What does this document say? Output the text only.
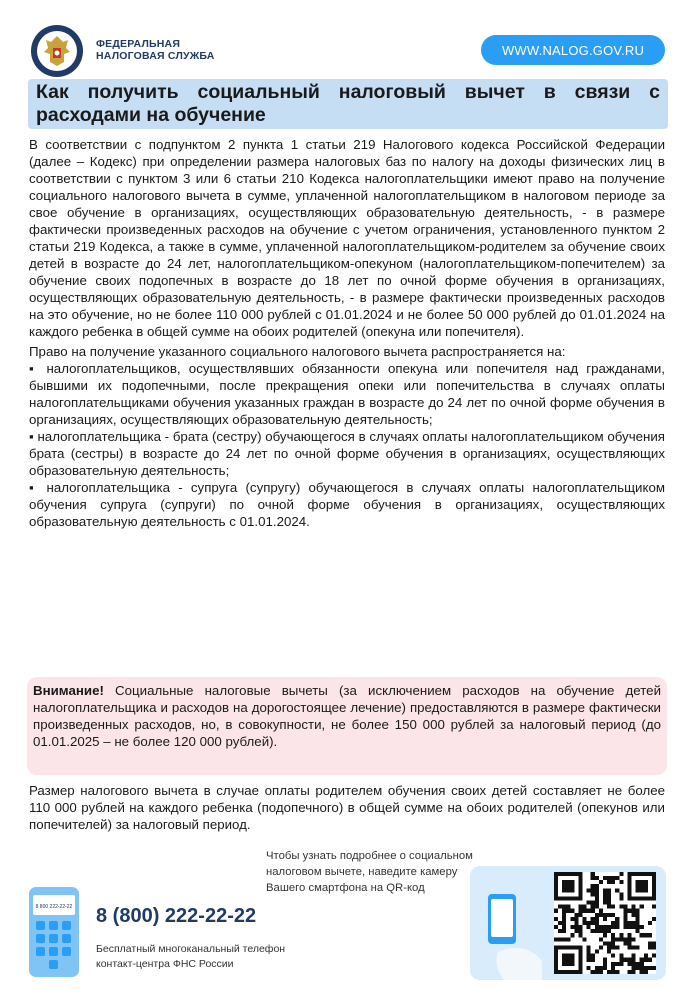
ФЕДЕРАЛЬНАЯ
НАЛОГОВАЯ СЛУЖБА	WWW.NALOG.GOV.RU
Как получить социальный налоговый вычет в связи с расходами на обучение

В соответствии с подпунктом 2 пункта 1 статьи 219 Налогового кодекса Российской Федерации (далее – Кодекс) при определении размера налоговых баз по налогу на доходы физических лиц в соответствии с пунктом 3 или 6 статьи 210 Кодекса налогоплательщики имеют право на получение социального налогового вычета в сумме, уплаченной налогоплательщиком в налоговом периоде за свое обучение в организациях, осуществляющих образовательную деятельность, - в размере фактически произведенных расходов на обучение с учетом ограничения, установленного пунктом 2 статьи 219 Кодекса, а также в сумме, уплаченной налогоплательщиком-родителем за обучение своих детей в возрасте до 24 лет, налогоплательщиком-опекуном (налогоплательщиком-попечителем) за обучение своих подопечных в возрасте до 18 лет по очной форме обучения в организациях, осуществляющих образовательную деятельность, - в размере фактически произведенных расходов на это обучение, но не более 110 000 рублей с 01.01.2024 и не более 50 000 рублей до 01.01.2024 на каждого ребенка в общей сумме на обоих родителей (опекуна или попечителя).

Право на получение указанного социального налогового вычета распространяется на:

▪ налогоплательщиков, осуществлявших обязанности опекуна или попечителя над гражданами, бывшими их подопечными, после прекращения опеки или попечительства в случаях оплаты налогоплательщиками обучения указанных граждан в возрасте до 24 лет по очной форме обучения в организациях, осуществляющих образовательную деятельность;

▪ налогоплательщика - брата (сестру) обучающегося в случаях оплаты налогоплательщиком обучения брата (сестры) в возрасте до 24 лет по очной форме обучения в организациях, осуществляющих образовательную деятельность;

▪ налогоплательщика - супруга (супругу) обучающегося в случаях оплаты налогоплательщиком обучения супруга (супруги) по очной форме обучения в организациях, осуществляющих образовательную деятельность с 01.01.2024.

Внимание! Социальные налоговые вычеты (за исключением расходов на обучение детей налогоплательщика и расходов на дорогостоящее лечение) предоставляются в размере фактически произведенных расходов, но, в совокупности, не более 150 000 рублей за налоговый период (до 01.01.2025 – не более 120 000 рублей).

Размер налогового вычета в случае оплаты родителем обучения своих детей составляет не более 110 000 рублей на каждого ребенка (подопечного) в общей сумме на обоих родителей (опекунов или попечителей) за налоговый период.

Чтобы узнать подробнее о социальном
налоговом вычете, наведите камеру
Вашего смартфона на QR-код
8 800 222-22-22 8 (800) 222-22-22
Бесплатный многоканальный телефон
контакт-центра ФНС России
